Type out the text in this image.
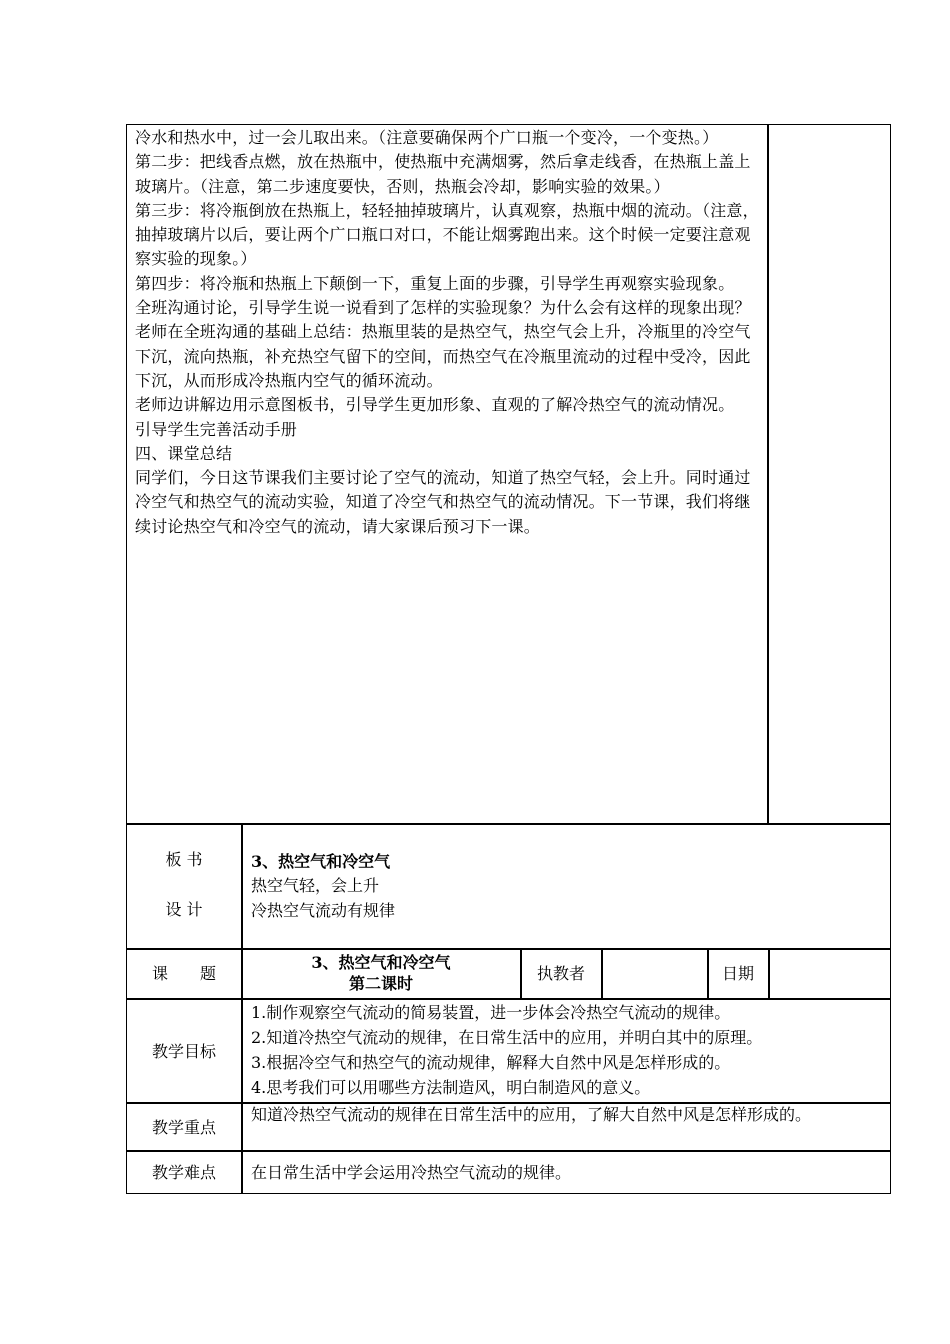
冷水和热水中，过一会儿取出来。（注意要确保两个广口瓶一个变冷，一个变热。）

第二步：把线香点燃，放在热瓶中，使热瓶中充满烟雾，然后拿走线香，在热瓶上盖上玻璃片。（注意，第二步速度要快，否则，热瓶会冷却，影响实验的效果。）

第三步：将冷瓶倒放在热瓶上，轻轻抽掉玻璃片，认真观察，热瓶中烟的流动。（注意，抽掉玻璃片以后，要让两个广口瓶口对口，不能让烟雾跑出来。这个时候一定要注意观察实验的现象。）

第四步：将冷瓶和热瓶上下颠倒一下，重复上面的步骤，引导学生再观察实验现象。

全班沟通讨论，引导学生说一说看到了怎样的实验现象？为什么会有这样的现象出现？

老师在全班沟通的基础上总结：热瓶里装的是热空气，热空气会上升，冷瓶里的冷空气下沉，流向热瓶，补充热空气留下的空间，而热空气在冷瓶里流动的过程中受冷，因此下沉，从而形成冷热瓶内空气的循环流动。

老师边讲解边用示意图板书，引导学生更加形象、直观的了解冷热空气的流动情况。

引导学生完善活动手册

四、课堂总结

同学们，今日这节课我们主要讨论了空气的流动，知道了热空气轻，会上升。同时通过冷空气和热空气的流动实验，知道了冷空气和热空气的流动情况。下一节课，我们将继续讨论热空气和冷空气的流动，请大家课后预习下一课。

板 书
设 计
3、热空气和冷空气
热空气轻，会上升
冷热空气流动有规律
课　　题
3、热空气和冷空气
第二课时
执教者	日期
教学目标
1.制作观察空气流动的简易装置，进一步体会冷热空气流动的规律。
2.知道冷热空气流动的规律，在日常生活中的应用，并明白其中的原理。
3.根据冷空气和热空气的流动规律，解释大自然中风是怎样形成的。
4.思考我们可以用哪些方法制造风，明白制造风的意义。
教学重点
知道冷热空气流动的规律在日常生活中的应用，了解大自然中风是怎样形成的。
教学难点	在日常生活中学会运用冷热空气流动的规律。
